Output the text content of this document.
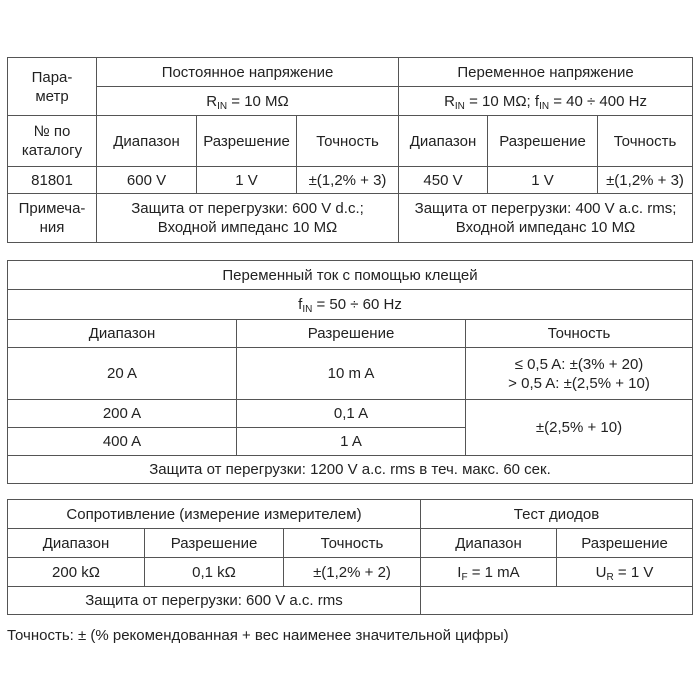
Пара-
метр	Постоянное напряжение			Переменное напряжение		
	$R_{IN} = 10$ MΩ			$R_{IN} = 10$ MΩ; $f_{IN} = 40 \div 400$ Hz		

№ по
каталогу	Диапазон	Разрешение	Точность	Диапазон	Разрешение	Точность
81801	600 V	1 V	±(1,2% + 3)	450 V	1 V	±(1,2% + 3)

Примеча-
ния	Защита от перегрузки: 600 V d.c.;
Входной импеданс 10 MΩ			Защита от перегрузки: 400 V a.c. rms;
Входной импеданс 10 MΩ		
Переменный ток с помощью клещей		
$f_{IN} = 50 \div 60$ Hz		
Диапазон	Разрешение	Точность
20 A	10 m A	≤ 0,5 A: ±(3% + 20)
> 0,5 A: ±(2,5% + 10)

200 A	0,1 A	±(2,5% + 10)
400 A	1 A	
Защита от перегрузки: 1200 V a.c. rms в теч. макс. 60 сек.		
Сопротивление (измерение измерителем)			Тест диодов	
Диапазон	Разрешение	Точность	Диапазон	Разрешение
200 kΩ	0,1 kΩ	±(1,2% + 2)	$I_F = 1$ mA	$U_R = 1$ V
Защита от перегрузки: 600 V a.c. rms				
Точность: ± (% рекомендованная + вес наименее значительной цифры)
